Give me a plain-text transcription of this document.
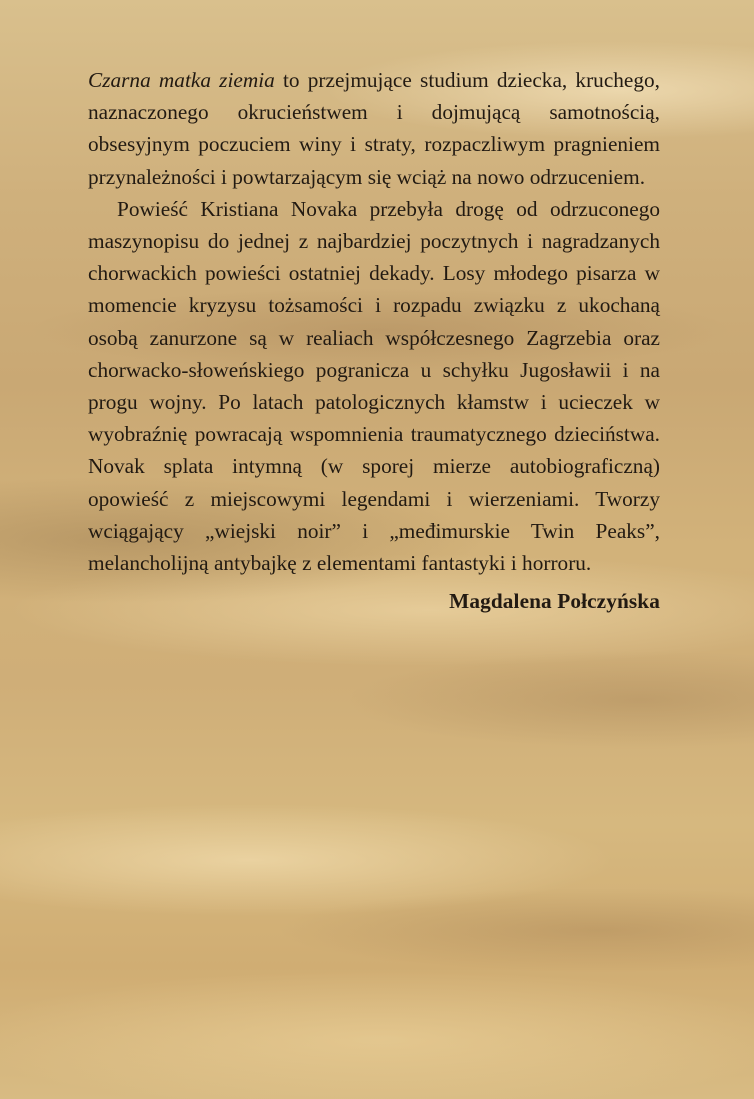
Czarna matka ziemia to przejmujące studium dziecka, kruchego, naznaczonego okrucieństwem i dojmującą samotnością, obsesyjnym poczuciem winy i straty, rozpaczliwym pragnieniem przynależności i powtarzającym się wciąż na nowo odrzuceniem.

Powieść Kristiana Novaka przebyła drogę od odrzuconego maszynopisu do jednej z najbardziej poczytnych i nagradzanych chorwackich powieści ostatniej dekady. Losy młodego pisarza w momencie kryzysu tożsamości i rozpadu związku z ukochaną osobą zanurzone są w realiach współczesnego Zagrzebia oraz chorwacko-słoweńskiego pogranicza u schyłku Jugosławii i na progu wojny. Po latach patologicznych kłamstw i ucieczek w wyobraźnię powracają wspomnienia traumatycznego dzieciństwa. Novak splata intymną (w sporej mierze autobiograficzną) opowieść z miejscowymi legendami i wierzeniami. Tworzy wciągający „wiejski noir” i „međimurskie Twin Peaks”, melancholijną antybajkę z elementami fantastyki i horroru.

Magdalena Połczyńska
